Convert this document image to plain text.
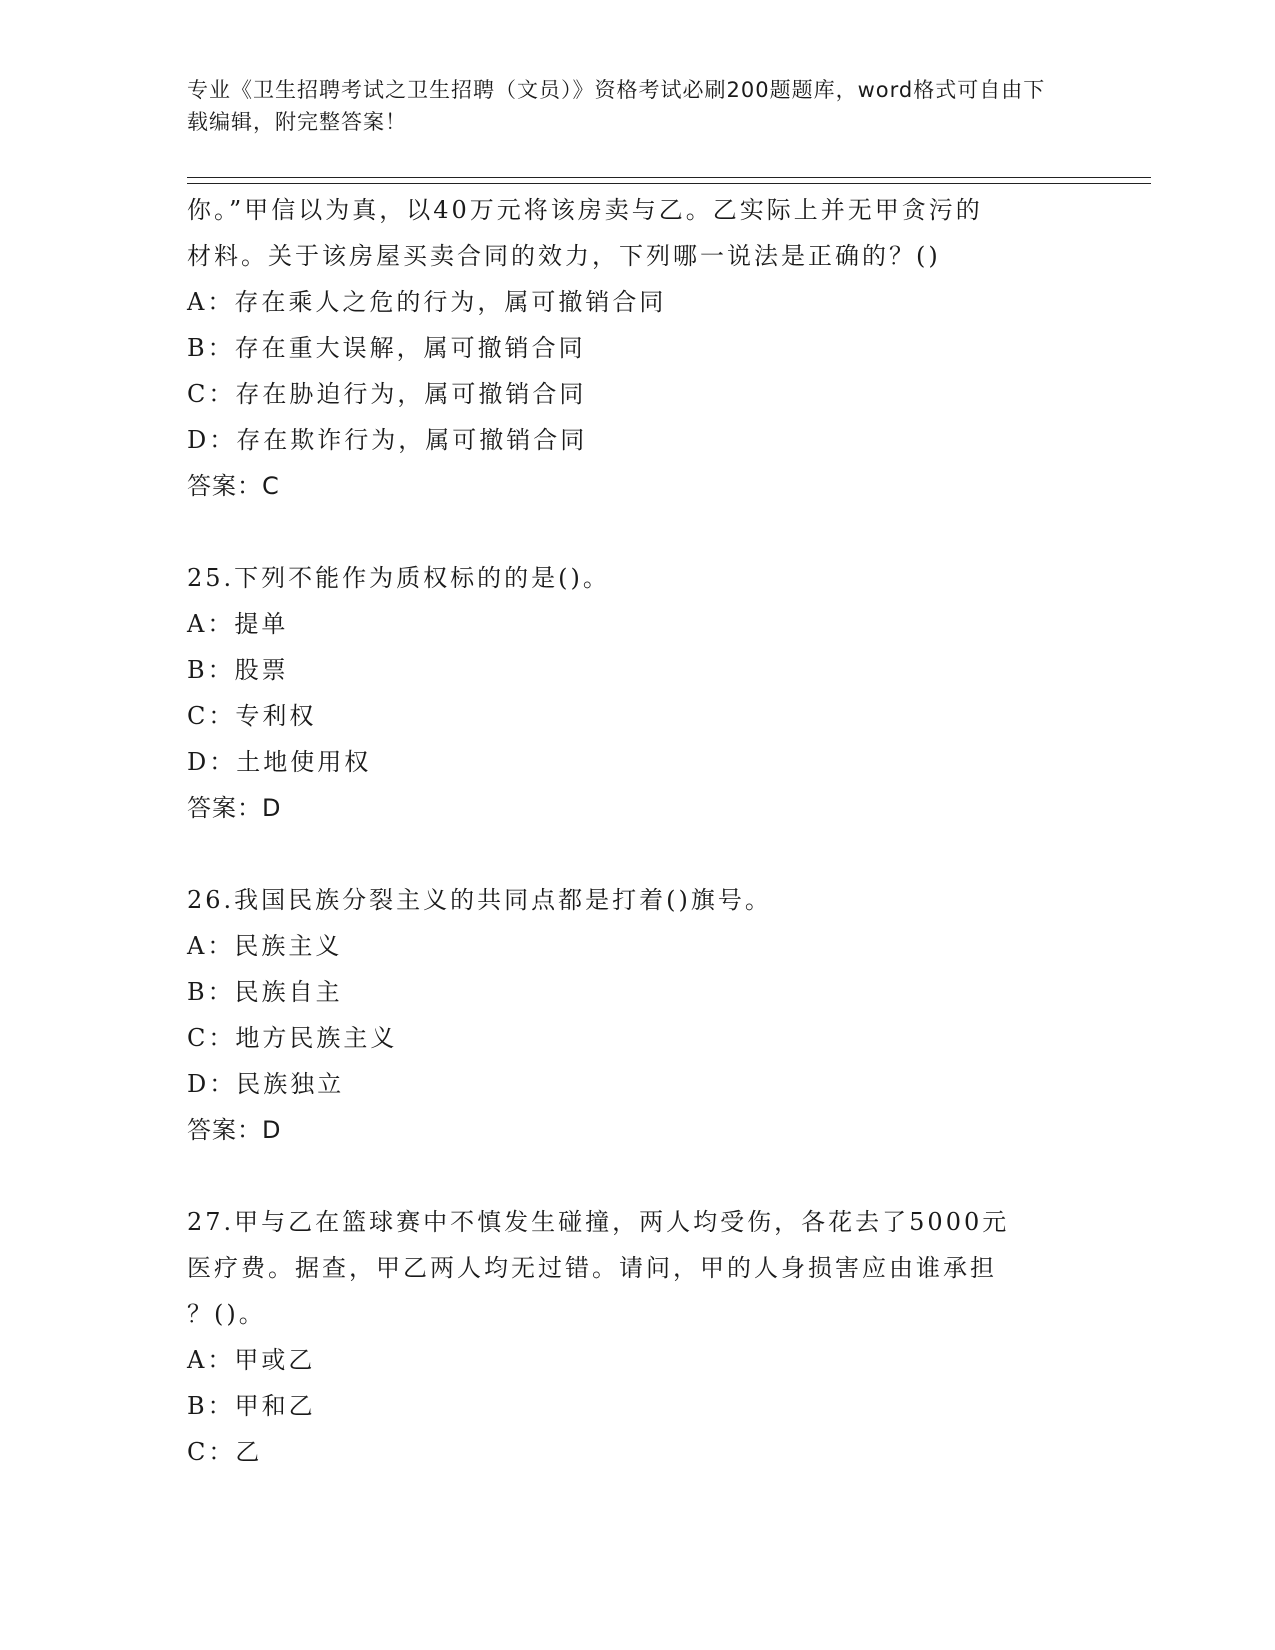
专业《卫生招聘考试之卫生招聘（文员）》资格考试必刷200题题库，word格式可自由下载编辑，附完整答案！
你。”甲信以为真，以40万元将该房卖与乙。乙实际上并无甲贪污的
材料。关于该房屋买卖合同的效力，下列哪一说法是正确的？()
A：存在乘人之危的行为，属可撤销合同
B：存在重大误解，属可撤销合同
C：存在胁迫行为，属可撤销合同
D：存在欺诈行为，属可撤销合同
答案：C
25.下列不能作为质权标的的是()。
A：提单
B：股票
C：专利权
D：土地使用权
答案：D
26.我国民族分裂主义的共同点都是打着()旗号。
A：民族主义
B：民族自主
C：地方民族主义
D：民族独立
答案：D
27.甲与乙在篮球赛中不慎发生碰撞，两人均受伤，各花去了5000元
医疗费。据查，甲乙两人均无过错。请问，甲的人身损害应由谁承担
？()。
A：甲或乙
B：甲和乙
C：乙
